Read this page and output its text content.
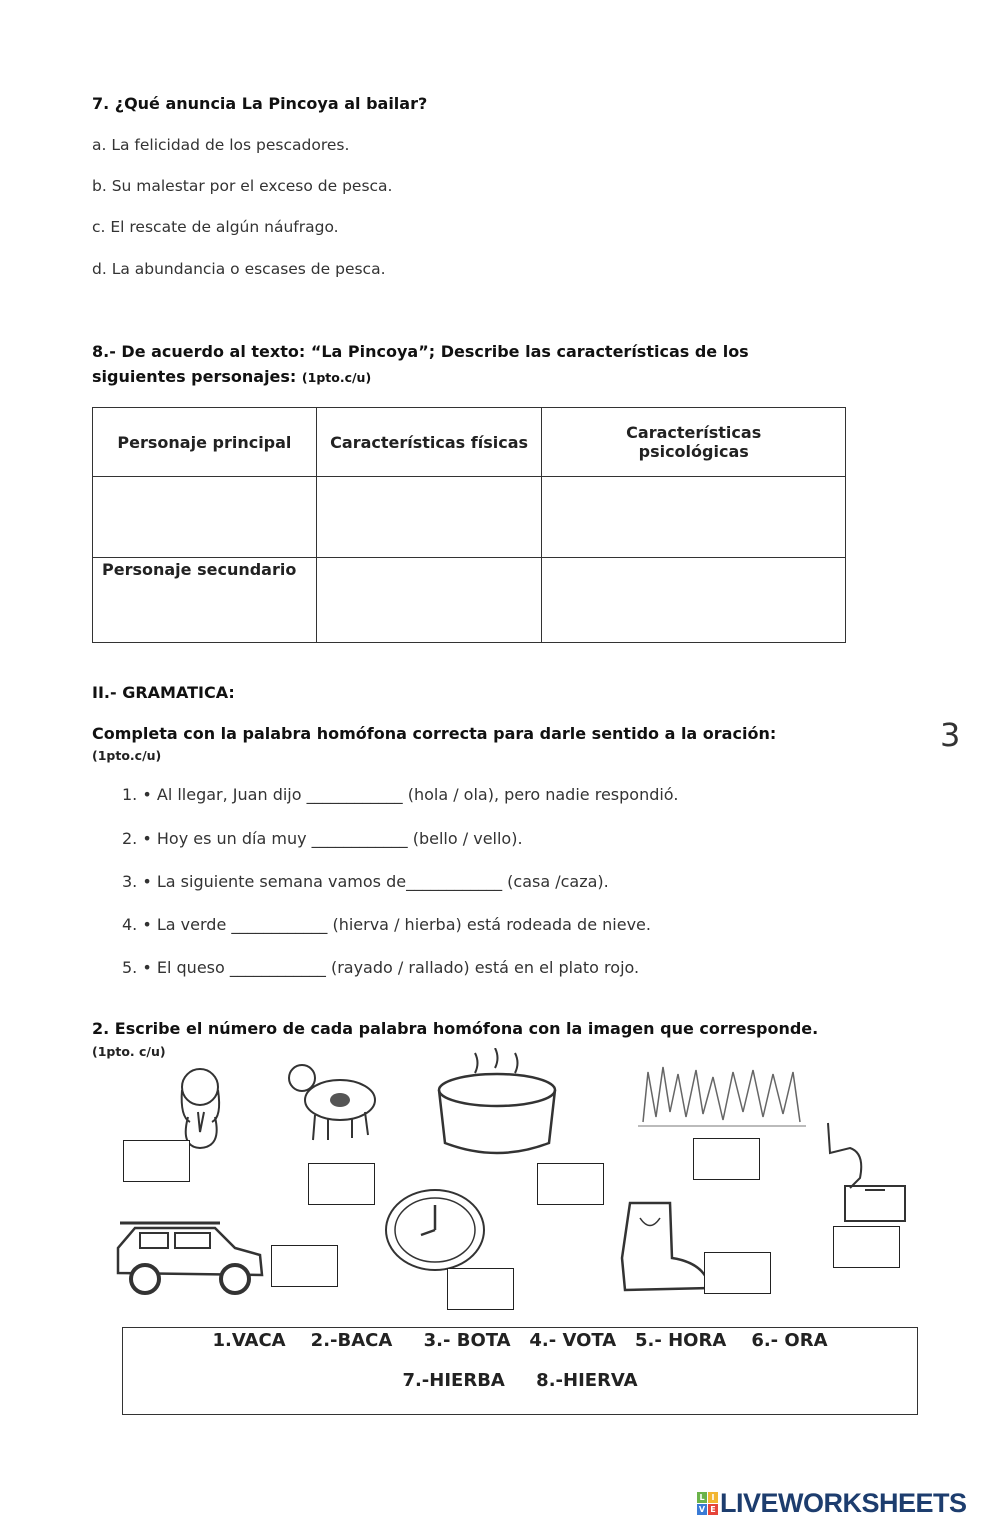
7. ¿Qué anuncia La Pincoya al bailar?
a. La felicidad de los pescadores.
b. Su malestar por el exceso de pesca.
c. El rescate de algún náufrago.
d. La abundancia o escases de pesca.
8.- De acuerdo al texto: “La Pincoya”; Describe las características de los
siguientes personajes: (1pto.c/u)
Personaje principal	Características físicas	Características psicológicas

Personaje secundario		
II.- GRAMATICA:
Completa con la palabra homófona correcta para darle sentido a la oración:
(1pto.c/u)
3
1. • Al llegar, Juan dijo ____________ (hola / ola), pero nadie respondió.
2. • Hoy es un día muy ____________ (bello / vello).
3. • La siguiente semana vamos de____________ (casa /caza).
4. • La verde ____________ (hierva / hierba) está rodeada de nieve.
5. • El queso ____________ (rayado / rallado) está en el plato rojo.
2. Escribe el número de cada palabra homófona con la imagen que corresponde.
(1pto. c/u)
1.VACA    2.-BACA     3.- BOTA   4.- VOTA   5.- HORA    6.- ORA
7.-HIERBA     8.-HIERVA
L I
V E LIVEWORKSHEETS
